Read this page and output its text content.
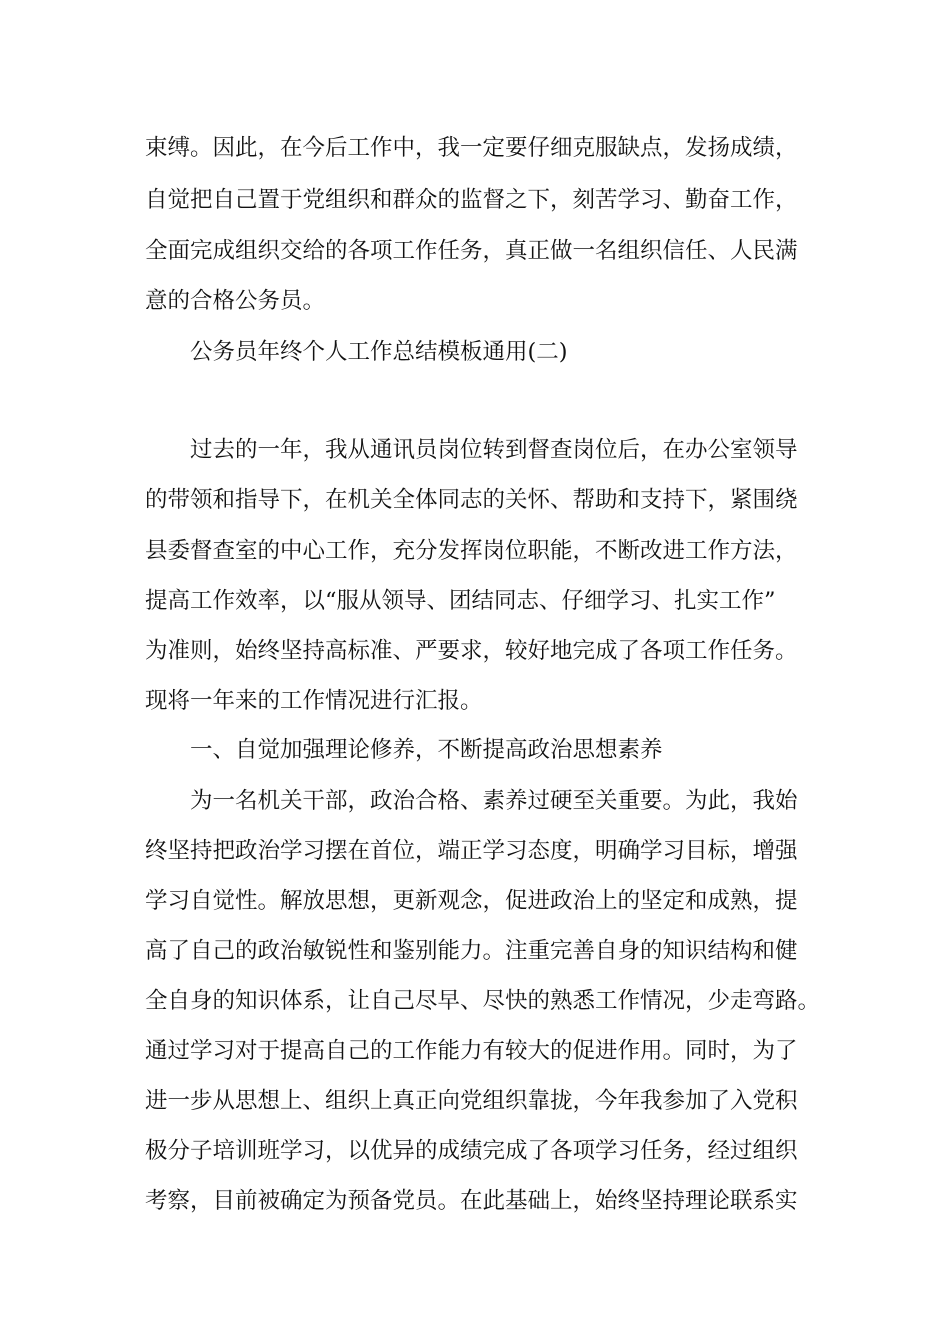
束缚。因此，在今后工作中，我一定要仔细克服缺点，发扬成绩，
自觉把自己置于党组织和群众的监督之下，刻苦学习、勤奋工作，
全面完成组织交给的各项工作任务，真正做一名组织信任、人民满
意的合格公务员。
公务员年终个人工作总结模板通用(二)
过去的一年，我从通讯员岗位转到督查岗位后，在办公室领导
的带领和指导下，在机关全体同志的关怀、帮助和支持下，紧围绕
县委督查室的中心工作，充分发挥岗位职能，不断改进工作方法，
提高工作效率，以“服从领导、团结同志、仔细学习、扎实工作”
为准则，始终坚持高标准、严要求，较好地完成了各项工作任务。
现将一年来的工作情况进行汇报。
一、自觉加强理论修养，不断提高政治思想素养
为一名机关干部，政治合格、素养过硬至关重要。为此，我始
终坚持把政治学习摆在首位，端正学习态度，明确学习目标，增强
学习自觉性。解放思想，更新观念，促进政治上的坚定和成熟，提
高了自己的政治敏锐性和鉴别能力。注重完善自身的知识结构和健
全自身的知识体系，让自己尽早、尽快的熟悉工作情况，少走弯路。
通过学习对于提高自己的工作能力有较大的促进作用。同时，为了
进一步从思想上、组织上真正向党组织靠拢，今年我参加了入党积
极分子培训班学习，以优异的成绩完成了各项学习任务，经过组织
考察，目前被确定为预备党员。在此基础上，始终坚持理论联系实
